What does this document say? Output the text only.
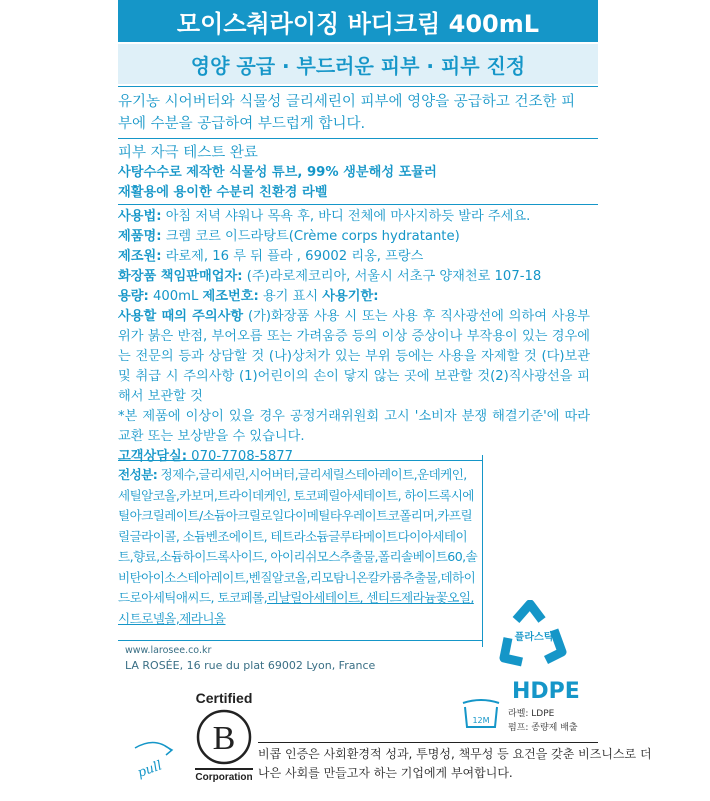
모이스춰라이징 바디크림 400mL
영양 공급 · 부드러운 피부 · 피부 진정
유기농 시어버터와 식물성 글리세린이 피부에 영양을 공급하고 건조한 피부에 수분을 공급하여 부드럽게 합니다.
피부 자극 테스트 완료
사탕수수로 제작한 식물성 튜브, 99% 생분해성 포뮬러
재활용에 용이한 수분리 친환경 라벨
사용법: 아침 저녁 샤워나 목욕 후, 바디 전체에 마사지하듯 발라 주세요.
제품명: 크렘 코르 이드라탕트(Crème corps hydratante)
제조원: 라로제, 16 루 뒤 플라 , 69002 리옹, 프랑스
화장품 책임판매업자: (주)라로제코리아, 서울시 서초구 양재천로 107-18
용량: 400mL 제조번호: 용기 표시 사용기한:
사용할 때의 주의사항 (가)화장품 사용 시 또는 사용 후 직사광선에 의하여 사용부위가 붉은 반점, 부어오름 또는 가려움증 등의 이상 증상이나 부작용이 있는 경우에는 전문의 등과 상담할 것 (나)상처가 있는 부위 등에는 사용을 자제할 것 (다)보관 및 취급 시 주의사항 (1)어린이의 손이 닿지 않는 곳에 보관할 것(2)직사광선을 피해서 보관할 것
*본 제품에 이상이 있을 경우 공정거래위원회 고시 '소비자 분쟁 해결기준'에 따라 교환 또는 보상받을 수 있습니다.
고객상담실: 070-7708-5877
전성분: 정제수,글리세린,시어버터,글리세릴스테아레이트,운데케인,세틸알코올,카보머,트라이데케인, 토코페릴아세테이트, 하이드록시에틸아크릴레이트/소듐아크릴로일다이메틸타우레이트코폴리머,카프릴릴글라이콜, 소듐벤조에이트, 테트라소듐글루타메이트다이아세테이트,향료,소듐하이드록사이드, 아이리쉬모스추출물,폴리솔베이트60,솔비탄아이소스테아레이트,벤질알코올,리모탐니온칼카룸추출물,데하이드로아세틱애씨드, 토코페롤,리날릴아세테이트, 센티드제라늄꽃오일,시트로넬올,제라니올
www.larosee.co.kr
LA ROSÉE, 16 rue du plat 69002 Lyon, France
플라스틱
HDPE
12M
라벨: LDPE
펌프: 종량제 배출
Certified
B
Corporation
pull
비콥 인증은 사회환경적 성과, 투명성, 책무성 등 요건을 갖춘 비즈니스로 더 나은 사회를 만들고자 하는 기업에게 부여합니다.
